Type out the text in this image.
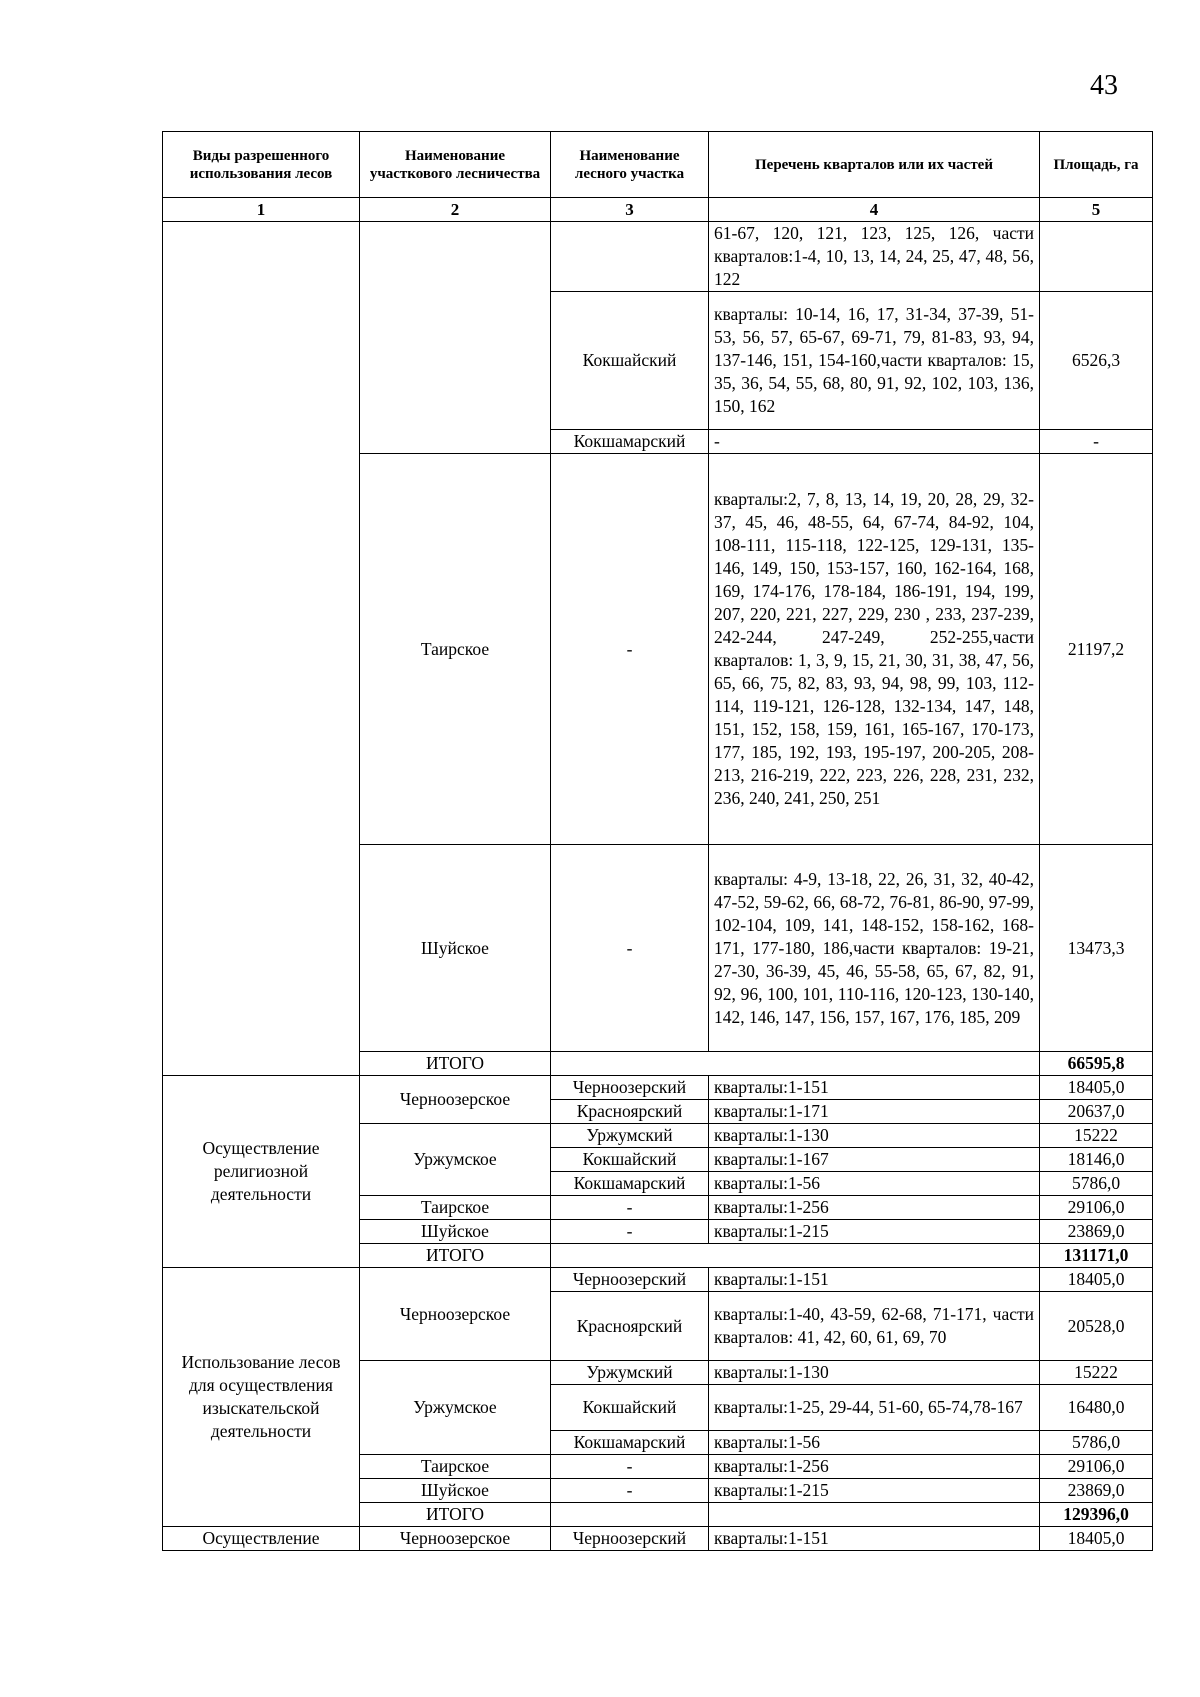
43
Виды разрешенного использования лесов	Наименование участкового лесничества	Наименование лесного участка	Перечень кварталов или их частей	Площадь, га
1	2	3	4	5
			61-67, 120, 121, 123, 125, 126, части кварталов:1-4, 10, 13, 14, 24, 25, 47, 48, 56, 122	
		Кокшайский	кварталы: 10-14, 16, 17, 31-34, 37-39, 51-53, 56, 57, 65-67, 69-71, 79, 81-83, 93, 94, 137-146, 151, 154-160,части кварталов: 15, 35, 36, 54, 55, 68, 80, 91, 92, 102, 103, 136, 150, 162	6526,3
		Кокшамарский	-	-
	Таирское	-	кварталы:2, 7, 8, 13, 14, 19, 20, 28, 29, 32-37, 45, 46, 48-55, 64, 67-74, 84-92, 104, 108-111, 115-118, 122-125, 129-131, 135-146, 149, 150, 153-157, 160, 162-164, 168, 169, 174-176, 178-184, 186-191, 194, 199, 207, 220, 221, 227, 229, 230 , 233, 237-239, 242-244, 247-249, 252-255,части кварталов: 1, 3, 9, 15, 21, 30, 31, 38, 47, 56, 65, 66, 75, 82, 83, 93, 94, 98, 99, 103, 112-114, 119-121, 126-128, 132-134, 147, 148, 151, 152, 158, 159, 161, 165-167, 170-173, 177, 185, 192, 193, 195-197, 200-205, 208-213, 216-219, 222, 223, 226, 228, 231, 232, 236, 240, 241, 250, 251	21197,2
	Шуйское	-	кварталы: 4-9, 13-18, 22, 26, 31, 32, 40-42, 47-52, 59-62, 66, 68-72, 76-81, 86-90, 97-99, 102-104, 109, 141, 148-152, 158-162, 168-171, 177-180, 186,части кварталов: 19-21, 27-30, 36-39, 45, 46, 55-58, 65, 67, 82, 91, 92, 96, 100, 101, 110-116, 120-123, 130-140, 142, 146, 147, 156, 157, 167, 176, 185, 209	13473,3
	ИТОГО			66595,8
Осуществление религиозной деятельности	Черноозерское	Черноозерский	кварталы:1-151	18405,0
		Красноярский	кварталы:1-171	20637,0
	Уржумское	Уржумский	кварталы:1-130	15222
		Кокшайский	кварталы:1-167	18146,0
		Кокшамарский	кварталы:1-56	5786,0
	Таирское	-	кварталы:1-256	29106,0
	Шуйское	-	кварталы:1-215	23869,0
	ИТОГО			131171,0
Использование лесов для осуществления изыскательской деятельности	Черноозерское	Черноозерский	кварталы:1-151	18405,0
		Красноярский	кварталы:1-40, 43-59, 62-68, 71-171, части кварталов: 41, 42, 60, 61, 69, 70	20528,0
	Уржумское	Уржумский	кварталы:1-130	15222
		Кокшайский	кварталы:1-25, 29-44, 51-60, 65-74,78-167	16480,0
		Кокшамарский	кварталы:1-56	5786,0
	Таирское	-	кварталы:1-256	29106,0
	Шуйское	-	кварталы:1-215	23869,0
	ИТОГО			129396,0
Осуществление	Черноозерское	Черноозерский	кварталы:1-151	18405,0
